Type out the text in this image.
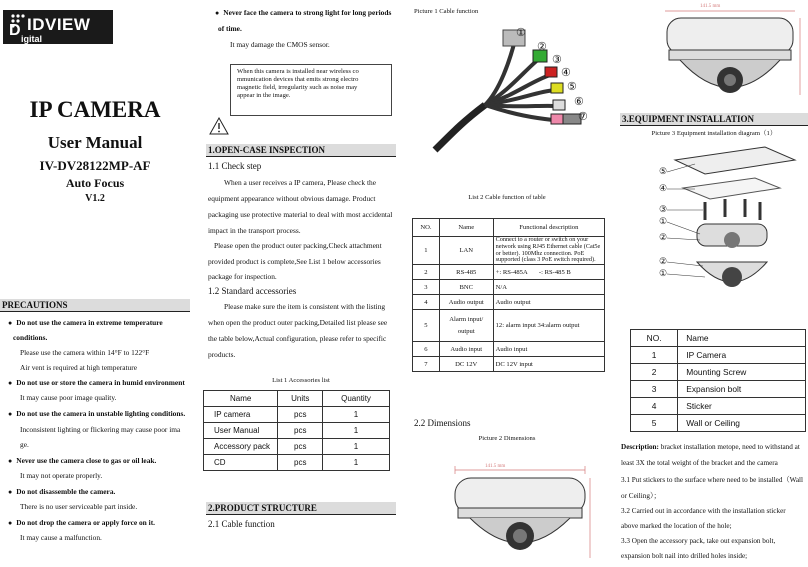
D IDVIEW
igital
IP CAMERA
User Manual
IV-DV28122MP-AF
Auto Focus
V1.2
PRECAUTIONS
● Do not use the camera in extreme temperature
conditions.
Please use the camera within 14°F to 122°F
Air vent is required at high temperature
● Do not use or store the camera in humid environment
It may cause poor image quality.
● Do not use the camera in unstable lighting conditions.
Inconsistent lighting or flickering may cause poor ima
ge.
● Never use the camera close to gas or oil leak.
It may not operate properly.
● Do not disassemble the camera.
There is no user serviceable part inside.
● Do not drop the camera or apply force on it.
It may cause a malfunction.
● Never face the camera to strong light for long periods
of time.
It may damage the CMOS sensor.
When this camera is installed near wireless co
mmunication devices that emits strong electro
magnetic field, irregularity such as noise may
appear in the image.
1.OPEN-CASE INSPECTION
1.1 Check step
When a user receives a IP camera, Please check the
equipment appearance without obvious damage. Product
packaging use protective material to deal with most accidental
impact in the transport process.
Please open the product outer packing,Check attachment
provided product is complete,See List 1 below accessories
package for inspection.
1.2 Standard accessories
Please make sure the item is consistent with the listing
when open the product outer packing,Detailed list please see
the table below,Actual configuration, please refer to specific
products.
List 1 Accessories list
Name	Units	Quantity
IP camera	pcs	1
User Manual	pcs	1
Accessory pack	pcs	1
CD	pcs	1
2.PRODUCT STRUCTURE
2.1 Cable function
Picture 1 Cable function
①
②
③
④
⑤
⑥
⑦
List 2 Cable function of table
NO.	Name	Functional description
1	LAN	Connect to a router or switch on your network using RJ45 Ethernet cable (Cat5e or better). 100Mhz connection. PoE supported (class 3 PoE switch required).
2	RS-485	+: RS-485A       -: RS-485 B
3	BNC	N/A
4	Audio output	Audio output
5	Alarm input/ output	12: alarm input 34:alarm output
6	Audio input	Audio input
7	DC 12V	DC 12V input
2.2 Dimensions
Picture 2 Dimensions
141.5 mm
141.5 mm
3.EQUIPMENT INSTALLATION
Picture 3 Equipment installation diagram（1）
⑤
④
③
①
②
②
①
NO.	Name
1	IP Camera
2	Mounting Screw
3	Expansion bolt
4	Sticker
5	Wall or Ceiling
Description: bracket installation metope, need to withstand at
least 3X the total weight of the bracket and the camera
3.1 Put stickers to the surface where need to be installed（Wall
or Ceiling）；
3.2 Carried out in accordance with the installation sticker
above marked the location of the hole;
3.3 Open the accessory pack, take out expansion bolt,
expansion bolt nail into drilled holes inside;
